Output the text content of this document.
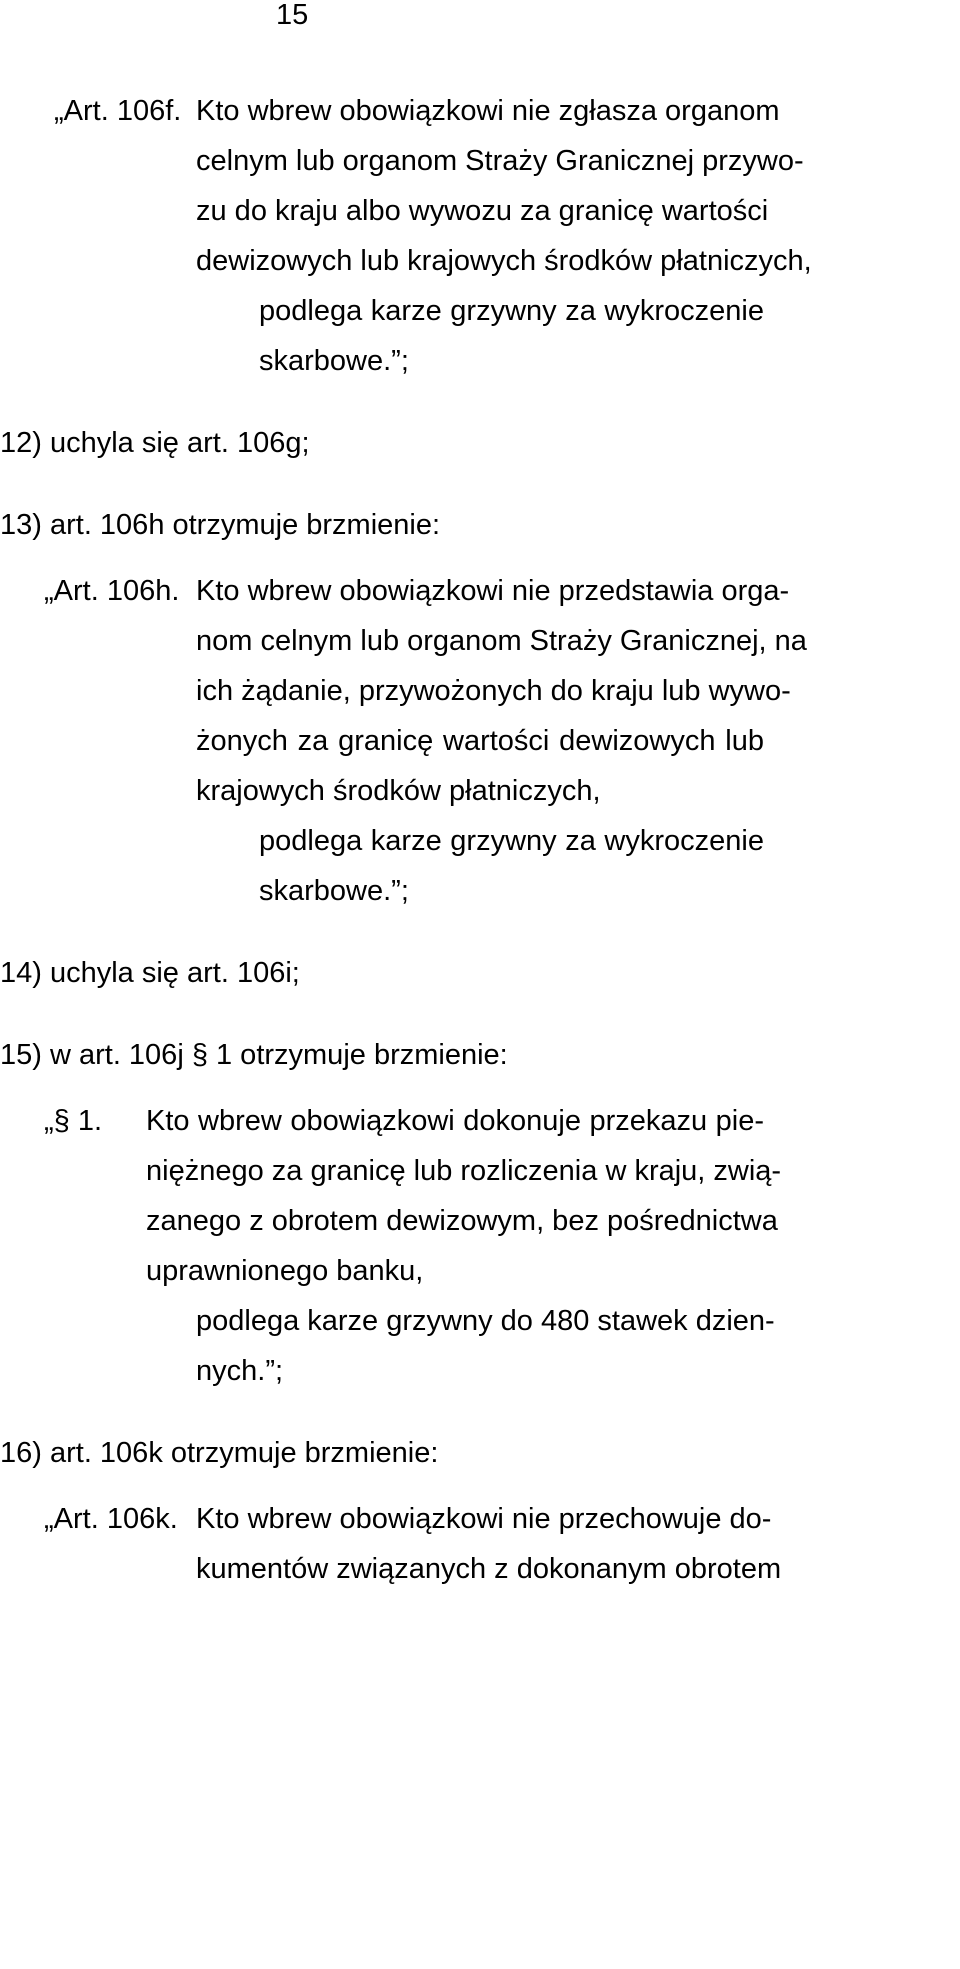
15
„Art. 106f. Kto wbrew obowiązkowi nie zgłasza organom
celnym lub organom Straży Granicznej przywo-
zu do kraju albo wywozu za granicę wartości
dewizowych lub krajowych środków płatniczych,
podlega karze grzywny za wykroczenie
skarbowe.”;
12) uchyla się art. 106g;
13) art. 106h otrzymuje brzmienie:
„Art. 106h. Kto wbrew obowiązkowi nie przedstawia orga-
nom celnym lub organom Straży Granicznej, na
ich żądanie, przywożonych do kraju lub wywo-
żonych za granicę wartości dewizowych lub
krajowych środków płatniczych,
podlega karze grzywny za wykroczenie
skarbowe.”;
14) uchyla się art. 106i;
15) w art. 106j § 1 otrzymuje brzmienie:
„§ 1. Kto wbrew obowiązkowi dokonuje przekazu pie-
niężnego za granicę lub rozliczenia w kraju, zwią-
zanego z obrotem dewizowym, bez pośrednictwa
uprawnionego banku,
podlega karze grzywny do 480 stawek dzien-
nych.”;
16) art. 106k otrzymuje brzmienie:
„Art. 106k. Kto wbrew obowiązkowi nie przechowuje do-
kumentów związanych z dokonanym obrotem
